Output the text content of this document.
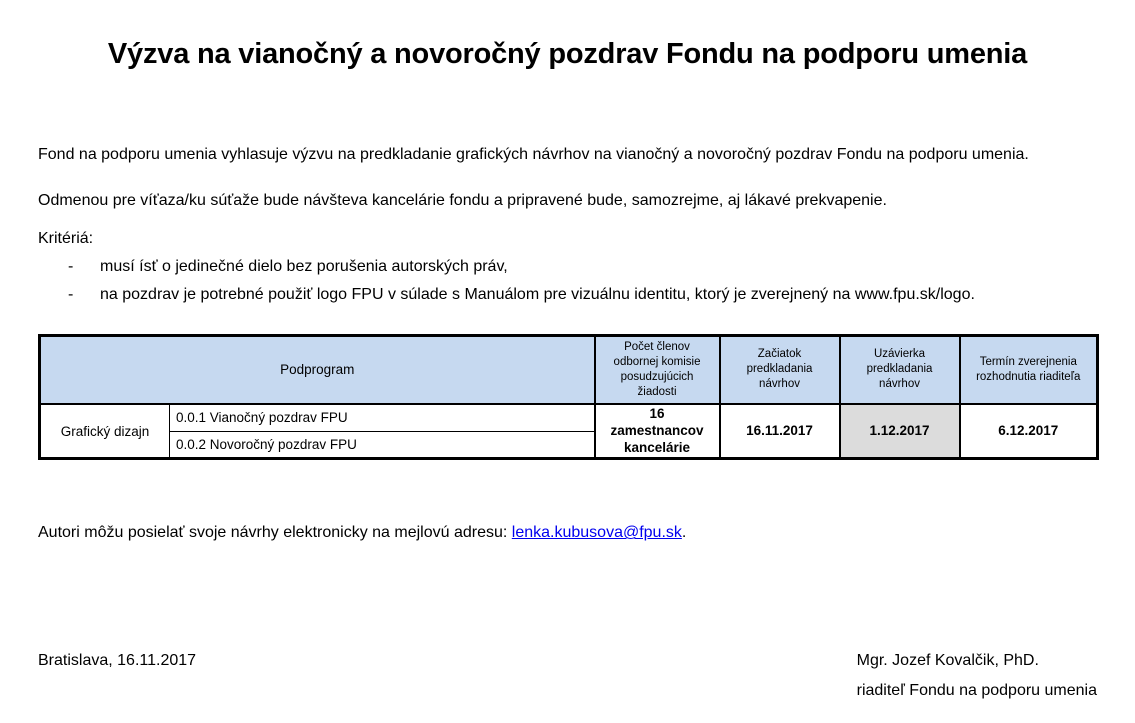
Výzva na vianočný a novoročný pozdrav Fondu na podporu umenia

Fond na podporu umenia vyhlasuje výzvu na predkladanie grafických návrhov na vianočný a novoročný pozdrav Fondu na podporu umenia.

Odmenou pre víťaza/ku súťaže bude návšteva kancelárie fondu a pripravené bude, samozrejme, aj lákavé prekvapenie.

Kritériá:

-	musí ísť o jedinečné dielo bez porušenia autorských práv,
-	na pozdrav je potrebné použiť logo FPU v súlade s Manuálom pre vizuálnu identitu, ktorý je zverejnený na www.fpu.sk/logo.
Podprogram		Počet členov odbornej komisie posudzujúcich žiadosti	Začiatok predkladania návrhov	Uzávierka predkladania návrhov	Termín zverejnenia rozhodnutia riaditeľa
Grafický dizajn	0.0.1 Vianočný pozdrav FPU	16 zamestnancov kancelárie	16.11.2017	1.12.2017	6.12.2017
	0.0.2 Novoročný pozdrav FPU				

Autori môžu posielať svoje návrhy elektronicky na mejlovú adresu: lenka.kubusova@fpu.sk.

Bratislava, 16.11.2017	Mgr. Jozef Kovalčik, PhD.
riaditeľ Fondu na podporu umenia
